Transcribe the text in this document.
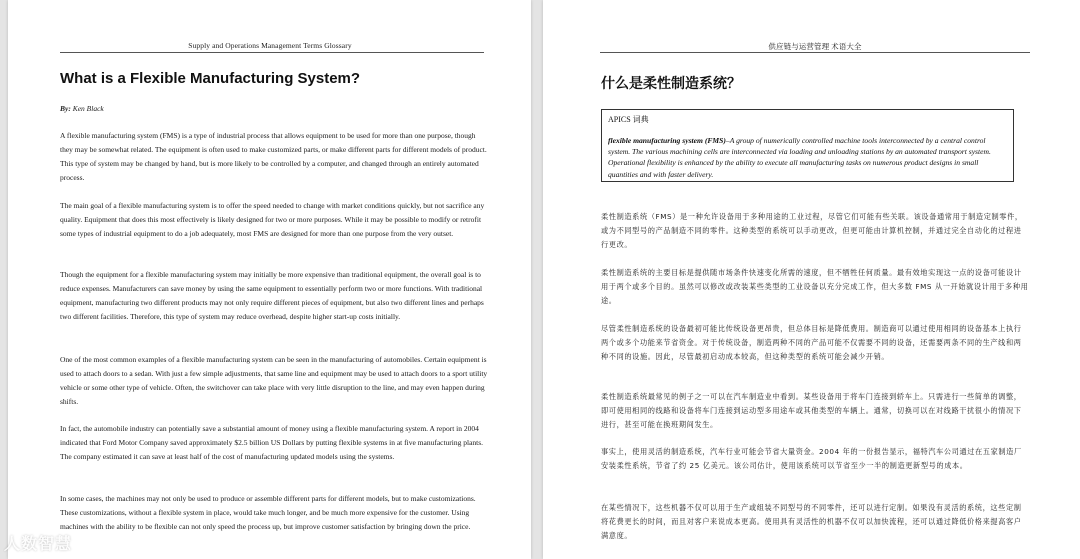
Supply and Operations Management Terms Glossary
What is a Flexible Manufacturing System?
By: Ken Black

A flexible manufacturing system (FMS) is a type of industrial process that allows equipment to be used for more than one purpose, though they may be somewhat related. The equipment is often used to make customized parts, or make different parts for different models of product. This type of system may be changed by hand, but is more likely to be controlled by a computer, and changed through an entirely automated process.

The main goal of a flexible manufacturing system is to offer the speed needed to change with market conditions quickly, but not sacrifice any quality. Equipment that does this most effectively is likely designed for two or more purposes. While it may be possible to modify or retrofit some types of industrial equipment to do a job adequately, most FMS are designed for more than one purpose from the very outset.

Though the equipment for a flexible manufacturing system may initially be more expensive than traditional equipment, the overall goal is to reduce expenses. Manufacturers can save money by using the same equipment to essentially perform two or more functions. With traditional equipment, manufacturing two different products may not only require different pieces of equipment, but also two different lines and perhaps two different facilities. Therefore, this type of system may reduce overhead, despite higher start-up costs initially.

One of the most common examples of a flexible manufacturing system can be seen in the manufacturing of automobiles. Certain equipment is used to attach doors to a sedan. With just a few simple adjustments, that same line and equipment may be used to attach doors to a sport utility vehicle or some other type of vehicle. Often, the switchover can take place with very little disruption to the line, and may even happen during shifts.

In fact, the automobile industry can potentially save a substantial amount of money using a flexible manufacturing system. A report in 2004 indicated that Ford Motor Company saved approximately $2.5 billion US Dollars by putting flexible systems in at five manufacturing plants. The company estimated it can save at least half of the cost of manufacturing updated models using the systems.

In some cases, the machines may not only be used to produce or assemble different parts for different models, but to make customizations. These customizations, without a flexible system in place, would take much longer, and be much more expensive for the customer. Using machines with the ability to be flexible can not only speed the process up, but improve customer satisfaction by bringing down the price.

供应链与运营管理 术语大全
什么是柔性制造系统？
APICS 词典
flexible manufacturing system (FMS)–A group of numerically controlled machine tools interconnected by a central control system. The various machining cells are interconnected via loading and unloading stations by an automated transport system. Operational flexibility is enhanced by the ability to execute all manufacturing tasks on numerous product designs in small quantities and with faster delivery.

柔性制造系统（FMS）是一种允许设备用于多种用途的工业过程，尽管它们可能有些关联。该设备通常用于制造定制零件，或为不同型号的产品制造不同的零件。这种类型的系统可以手动更改，但更可能由计算机控制，并通过完全自动化的过程进行更改。

柔性制造系统的主要目标是提供随市场条件快速变化所需的速度，但不牺牲任何质量。最有效地实现这一点的设备可能设计用于两个或多个目的。虽然可以修改或改装某些类型的工业设备以充分完成工作，但大多数 FMS 从一开始就设计用于多种用途。

尽管柔性制造系统的设备最初可能比传统设备更昂贵，但总体目标是降低费用。制造商可以通过使用相同的设备基本上执行两个或多个功能来节省资金。对于传统设备，制造两种不同的产品可能不仅需要不同的设备，还需要两条不同的生产线和两种不同的设施。因此，尽管最初启动成本较高，但这种类型的系统可能会减少开销。

柔性制造系统最常见的例子之一可以在汽车制造业中看到。某些设备用于将车门连接到轿车上。只需进行一些简单的调整，即可使用相同的线路和设备将车门连接到运动型多用途车或其他类型的车辆上。通常，切换可以在对线路干扰很小的情况下进行，甚至可能在换班期间发生。

事实上，使用灵活的制造系统，汽车行业可能会节省大量资金。2004 年的一份报告显示，福特汽车公司通过在五家制造厂安装柔性系统，节省了约 25 亿美元。该公司估计，使用该系统可以节省至少一半的制造更新型号的成本。

在某些情况下，这些机器不仅可以用于生产或组装不同型号的不同零件，还可以进行定制。如果没有灵活的系统，这些定制将花费更长的时间，而且对客户来说成本更高。使用具有灵活性的机器不仅可以加快流程，还可以通过降低价格来提高客户满意度。

人数智慧
